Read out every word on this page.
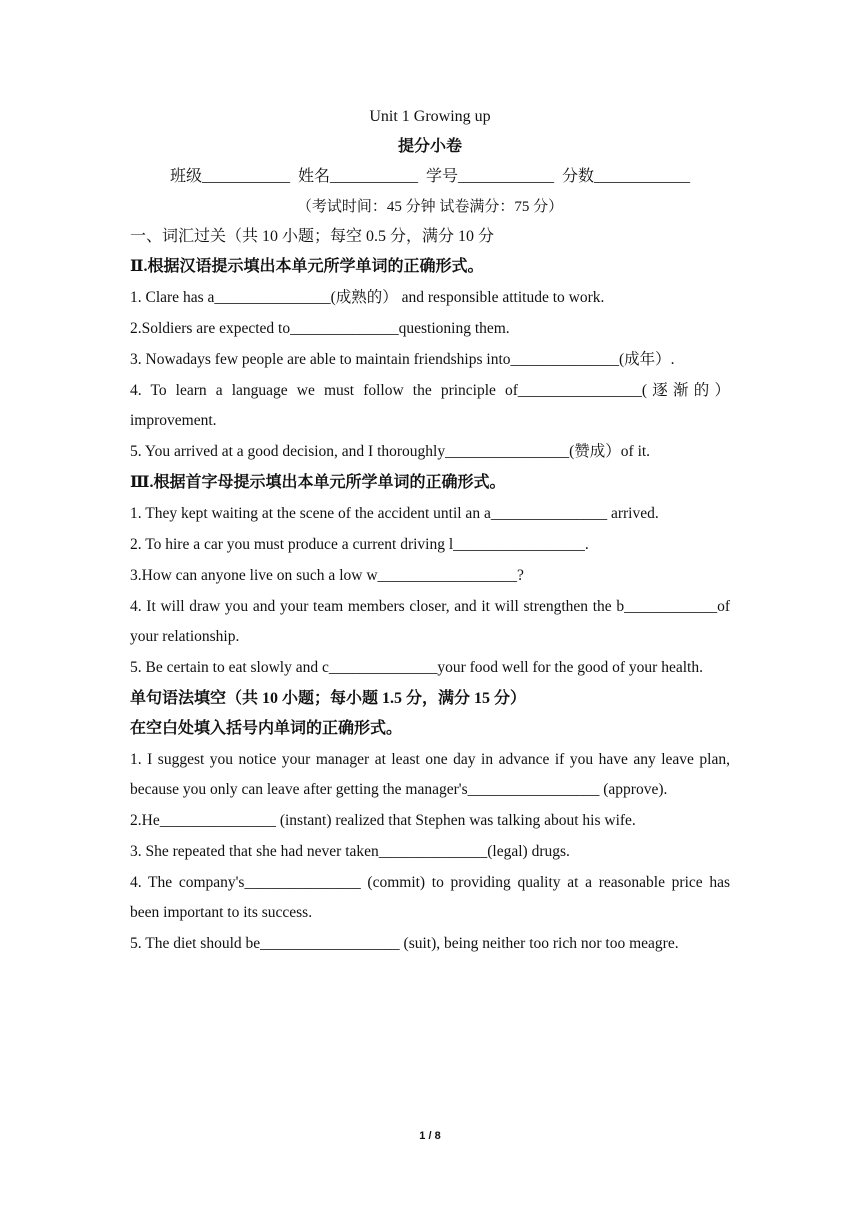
Unit 1 Growing up
提分小卷
班级___________ 姓名___________ 学号____________ 分数____________
（考试时间：45 分钟 试卷满分：75 分）
一、词汇过关（共 10 小题；每空 0.5 分，满分 10 分
Ⅱ.根据汉语提示填出本单元所学单词的正确形式。
1. Clare has a_______________(成熟的） and responsible attitude to work.
2.Soldiers are expected to______________questioning them.
3. Nowadays few people are able to maintain friendships into______________(成年）.
4. To learn a language we must follow the principle of________________(逐渐的）improvement.
5. You arrived at a good decision, and I thoroughly________________(赞成）of it.
Ⅲ.根据首字母提示填出本单元所学单词的正确形式。
1. They kept waiting at the scene of the accident until an a_______________ arrived.
2. To hire a car you must produce a current driving l_________________.
3.How can anyone live on such a low w__________________?
4. It will draw you and your team members closer, and it will strengthen the b____________of your relationship.
5. Be certain to eat slowly and c______________your food well for the good of your health.
单句语法填空（共 10 小题；每小题 1.5 分，满分 15 分）
在空白处填入括号内单词的正确形式。
1. I suggest you notice your manager at least one day in advance if you have any leave plan, because you only can leave after getting the manager's_________________ (approve).
2.He_______________ (instant) realized that Stephen was talking about his wife.
3. She repeated that she had never taken______________(legal) drugs.
4. The company's_______________ (commit) to providing quality at a reasonable price has been important to its success.
5. The diet should be__________________ (suit), being neither too rich nor too meagre.
1 / 8
